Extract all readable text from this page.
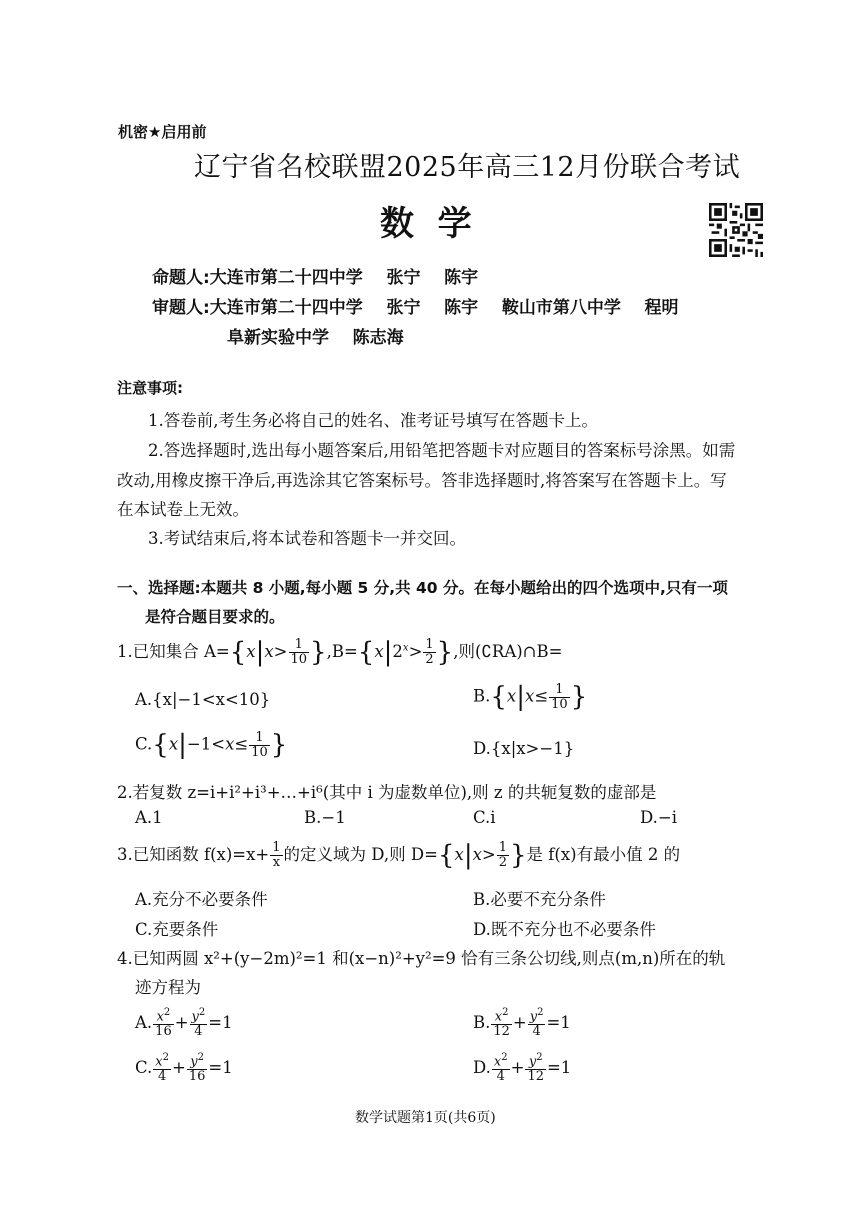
机密★启用前
辽宁省名校联盟2025年高三12月份联合考试
数  学
命题人:大连市第二十四中学    张宁    陈宇
审题人:大连市第二十四中学    张宁    陈宇    鞍山市第八中学    程明
阜新实验中学    陈志海
注意事项:
1.答卷前,考生务必将自己的姓名、准考证号填写在答题卡上。
2.答选择题时,选出每小题答案后,用铅笔把答题卡对应题目的答案标号涂黑。如需
改动,用橡皮擦干净后,再选涂其它答案标号。答非选择题时,将答案写在答题卡上。写
在本试卷上无效。
3.考试结束后,将本试卷和答题卡一并交回。
一、选择题:本题共 8 小题,每小题 5 分,共 40 分。在每小题给出的四个选项中,只有一项
是符合题目要求的。
1.已知集合 $A=\{x|x> \frac{1}{10} \},B=\{x|2^x> \frac{1}{2}$ },则(∁RA)∩B=
A.{x|−1<x<10}	$B.\{x|x\le \frac{1}{10}$ }
$C.\{x|-1<x\le \frac{1}{10}$ }	D.{x|x>−1}
2.若复数 z=i+i²+i³+…+i⁶(其中 i 为虚数单位),则 z 的共轭复数的虚部是
A.1	B.−1	C.i	D.−i
3.已知函数 $f(x)=x+ \frac{1}{x}$ 的定义域为 D,则 $D=\{x|x> \frac{1}{2}$ }是 f(x)有最小值 2 的
A.充分不必要条件	B.必要不充分条件
C.充要条件	D.既不充分也不必要条件
4.已知两圆 x²+(y−2m)²=1 和(x−n)²+y²=9 恰有三条公切线,则点(m,n)所在的轨
迹方程为
A. $\frac{x^2}{16} + \frac{y^2}{4} =1$	B. $\frac{x^2}{12} + \frac{y^2}{4} =1$
C. $\frac{x^2}{4} + \frac{y^2}{16} =1$	D. $\frac{x^2}{4} + \frac{y^2}{12} =1$
数学试题第1页(共6页)
